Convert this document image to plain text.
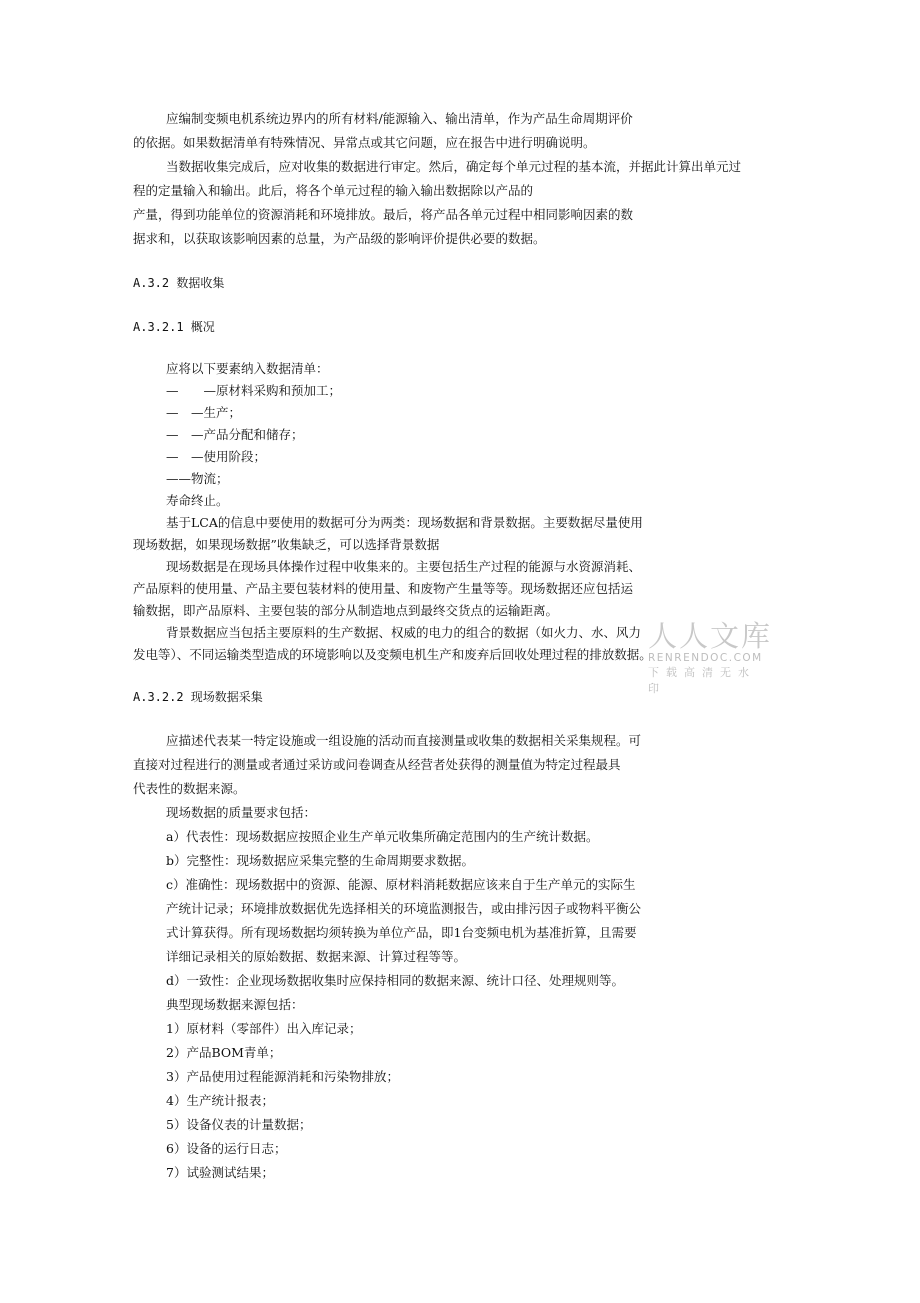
应编制变频电机系统边界内的所有材料/能源输入、输出清单，作为产品生命周期评价
的依据。如果数据清单有特殊情况、异常点或其它问题，应在报告中进行明确说明。
当数据收集完成后，应对收集的数据进行审定。然后，确定每个单元过程的基本流，并据此计算出单元过
程的定量输入和输出。此后，将各个单元过程的输入输出数据除以产品的
产量，得到功能单位的资源消耗和环境排放。最后，将产品各单元过程中相同影响因素的数
据求和，以获取该影响因素的总量，为产品级的影响评价提供必要的数据。
A.3.2 数据收集
A.3.2.1 概况
应将以下要素纳入数据清单：
—　　—原材料采购和预加工；
—　—生产；
—　—产品分配和储存；
—　—使用阶段；
——物流；
寿命终止。
基于LCA的信息中要使用的数据可分为两类：现场数据和背景数据。主要数据尽量使用
现场数据，如果现场数据”收集缺乏，可以选择背景数据
现场数据是在现场具体操作过程中收集来的。主要包括生产过程的能源与水资源消耗、
产品原料的使用量、产品主要包装材料的使用量、和废物产生量等等。现场数据还应包括运
输数据，即产品原料、主要包装的部分从制造地点到最终交货点的运输距离。
背景数据应当包括主要原料的生产数据、权威的电力的组合的数据（如火力、水、风力
发电等）、不同运输类型造成的环境影响以及变频电机生产和废弃后回收处理过程的排放数据。
A.3.2.2 现场数据采集
应描述代表某一特定设施或一组设施的活动而直接测量或收集的数据相关采集规程。可
直接对过程进行的测量或者通过采访或问卷调查从经营者处获得的测量值为特定过程最具
代表性的数据来源。
现场数据的质量要求包括：
a）代表性：现场数据应按照企业生产单元收集所确定范围内的生产统计数据。
b）完整性：现场数据应采集完整的生命周期要求数据。
c）准确性：现场数据中的资源、能源、原材料消耗数据应该来自于生产单元的实际生
产统计记录；环境排放数据优先选择相关的环境监测报告，或由排污因子或物料平衡公
式计算获得。所有现场数据均须转换为单位产品，即1台变频电机为基准折算，且需要
详细记录相关的原始数据、数据来源、计算过程等等。
d）一致性：企业现场数据收集时应保持相同的数据来源、统计口径、处理规则等。
典型现场数据来源包括：
1）原材料（零部件）出入库记录；
2）产品BOM青单；
3）产品使用过程能源消耗和污染物排放；
4）生产统计报表；
5）设备仪表的计量数据；
6）设备的运行日志；
7）试验测试结果；
人人文库
RENRENDOC.COM
下载高清无水印
